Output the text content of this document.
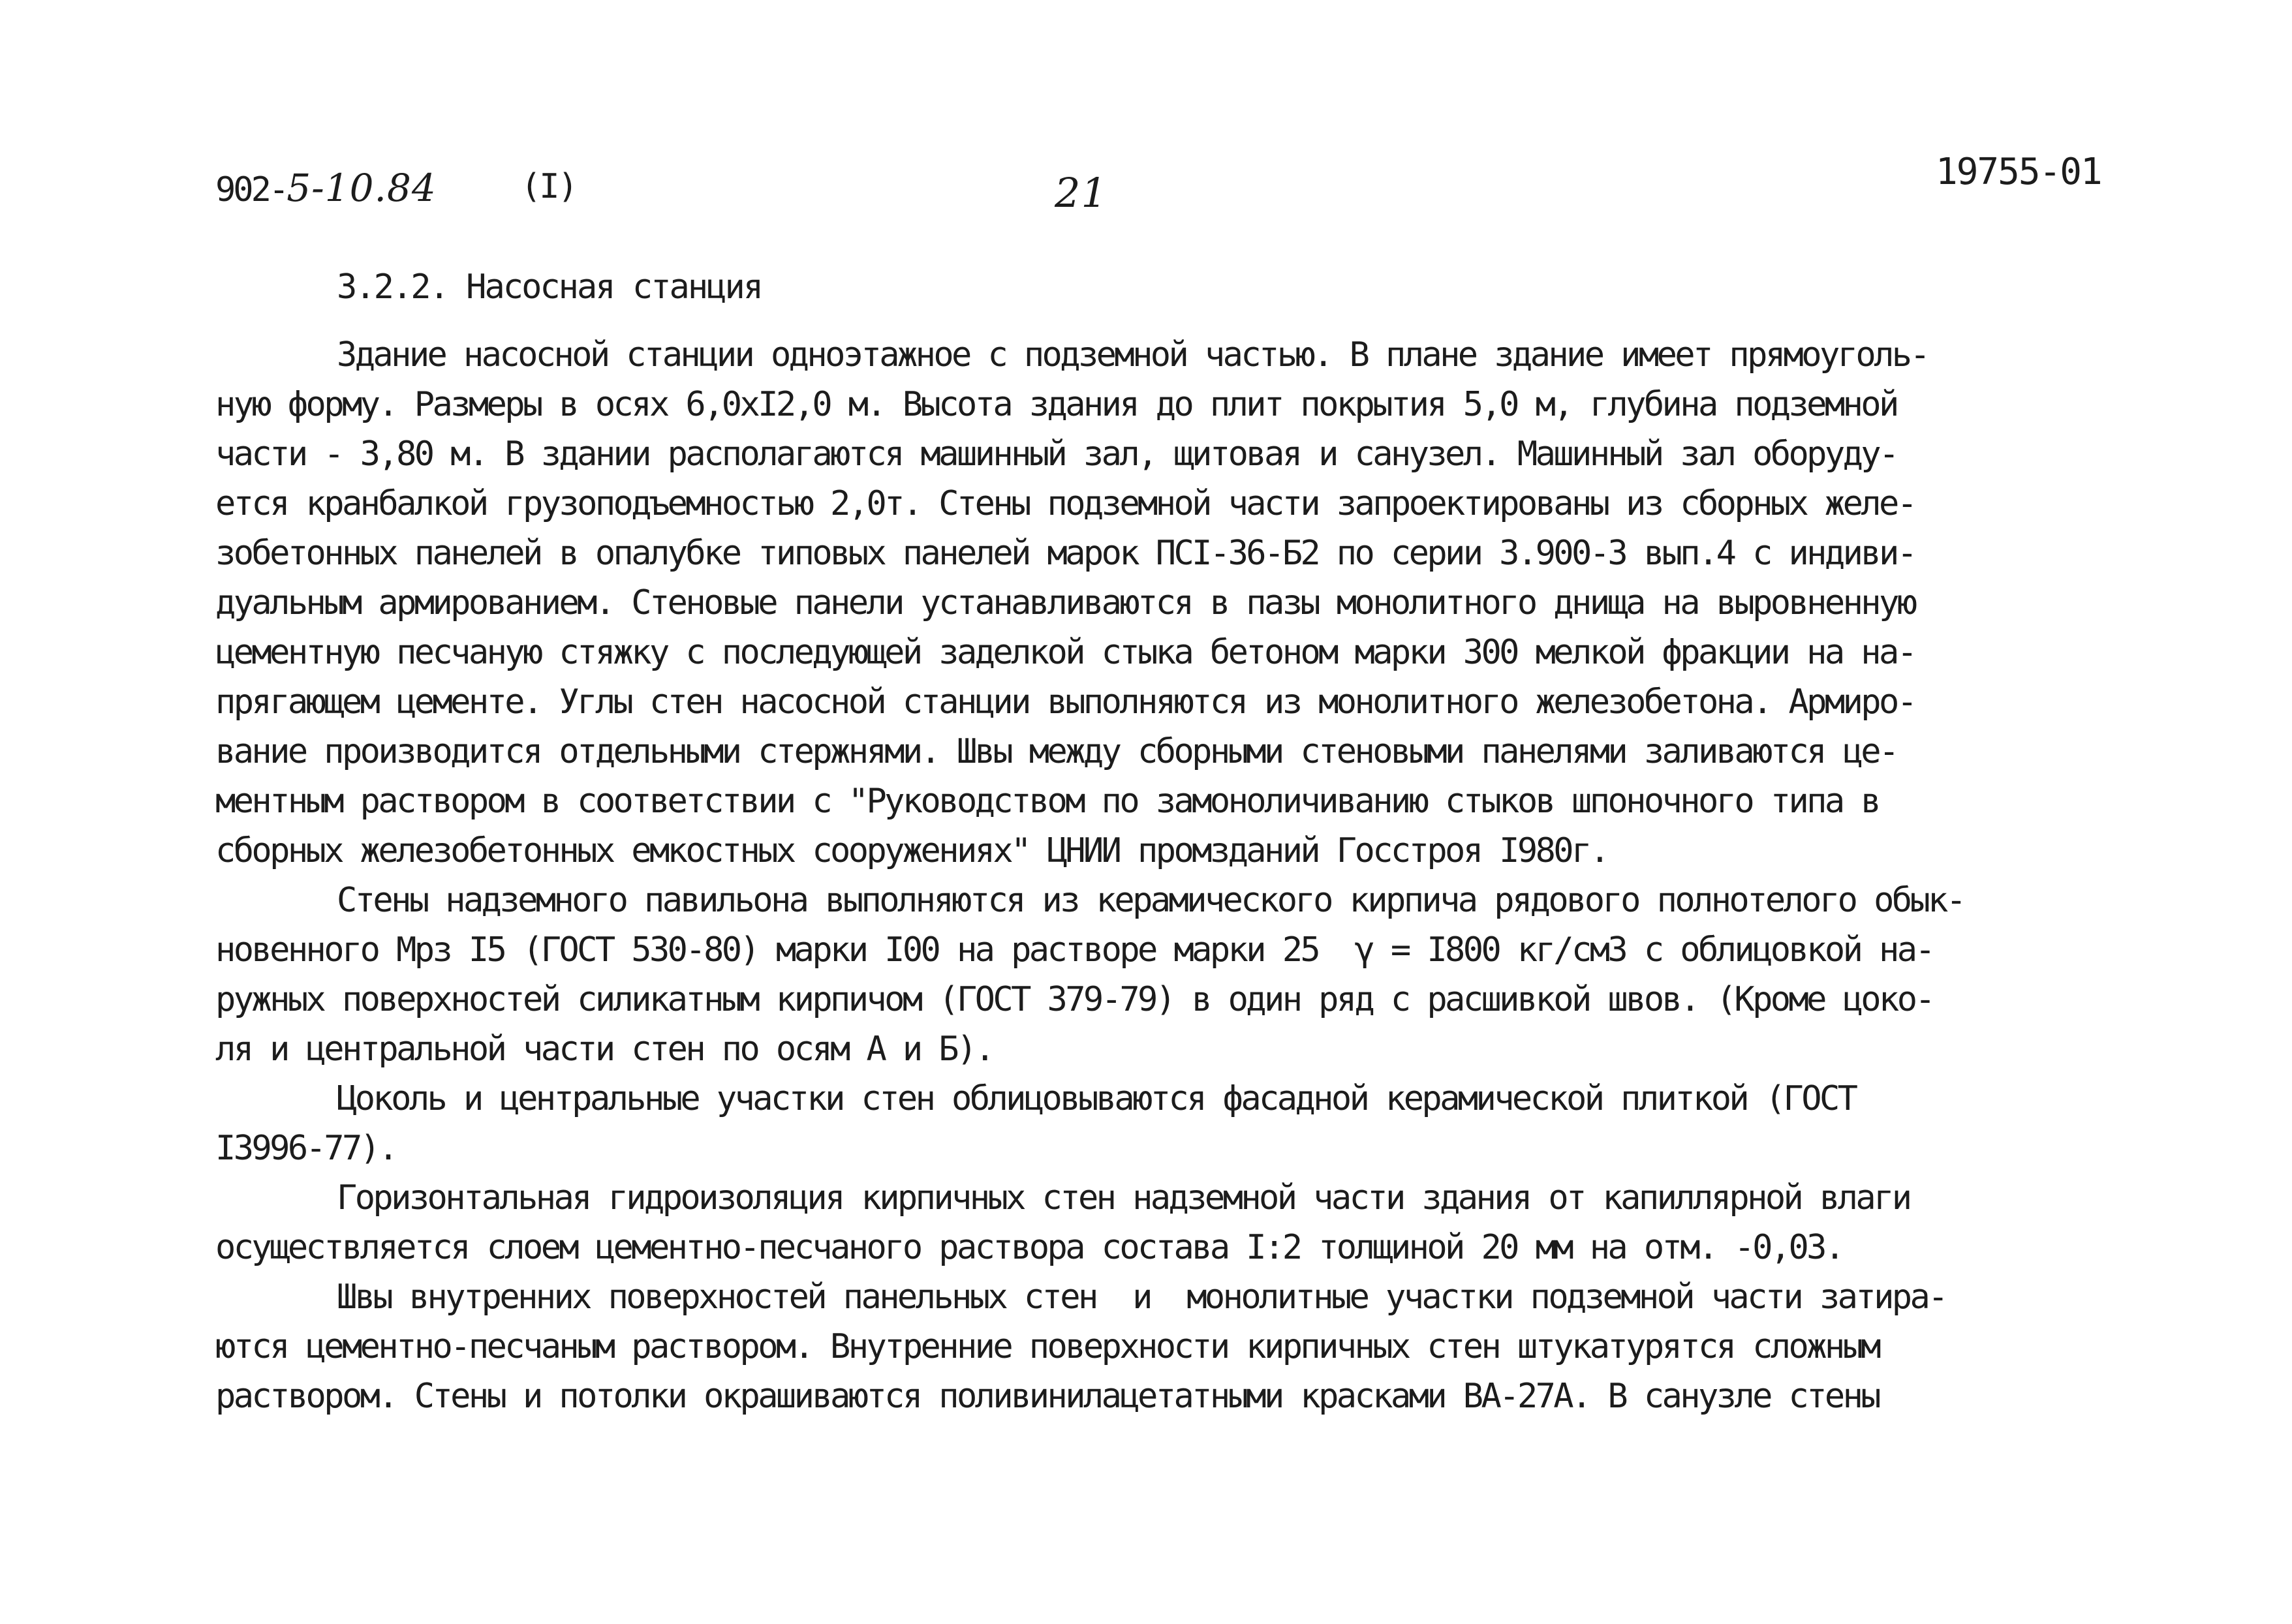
902-5-10.84 (I)	21	19755-01
3.2.2. Насосная станция
Здание насосной станции одноэтажное с подземной частью. В плане здание имеет прямоуголь-
ную форму. Размеры в осях 6,0хI2,0 м. Высота здания до плит покрытия 5,0 м, глубина подземной
части - 3,80 м. В здании располагаются машинный зал, щитовая и санузел. Машинный зал оборуду-
ется кранбалкой грузоподъемностью 2,0т. Стены подземной части запроектированы из сборных желе-
зобетонных панелей в опалубке типовых панелей марок ПСI-36-Б2 по серии 3.900-3 вып.4 с индиви-
дуальным армированием. Стеновые панели устанавливаются в пазы монолитного днища на выровненную
цементную песчаную стяжку с последующей заделкой стыка бетоном марки 300 мелкой фракции на на-
прягающем цементе. Углы стен насосной станции выполняются из монолитного железобетона. Армиро-
вание производится отдельными стержнями. Швы между сборными стеновыми панелями заливаются це-
ментным раствором в соответствии с "Руководством по замоноличиванию стыков шпоночного типа в
сборных железобетонных емкостных сооружениях" ЦНИИ промзданий Госстроя I980г.
Стены надземного павильона выполняются из керамического кирпича рядового полнотелого обык-
новенного Мрз I5 (ГОСТ 530-80) марки I00 на растворе марки 25  γ = I800 кг/см3 с облицовкой на-
ружных поверхностей силикатным кирпичом (ГОСТ 379-79) в один ряд с расшивкой швов. (Кроме цоко-
ля и центральной части стен по осям А и Б).
Цоколь и центральные участки стен облицовываются фасадной керамической плиткой (ГОСТ
I3996-77).
Горизонтальная гидроизоляция кирпичных стен надземной части здания от капиллярной влаги
осуществляется слоем цементно-песчаного раствора состава I:2 толщиной 20 мм на отм. -0,03.
Швы внутренних поверхностей панельных стен  и  монолитные участки подземной части затира-
ются цементно-песчаным раствором. Внутренние поверхности кирпичных стен штукатурятся сложным
раствором. Стены и потолки окрашиваются поливинилацетатными красками ВА-27А. В санузле стены
